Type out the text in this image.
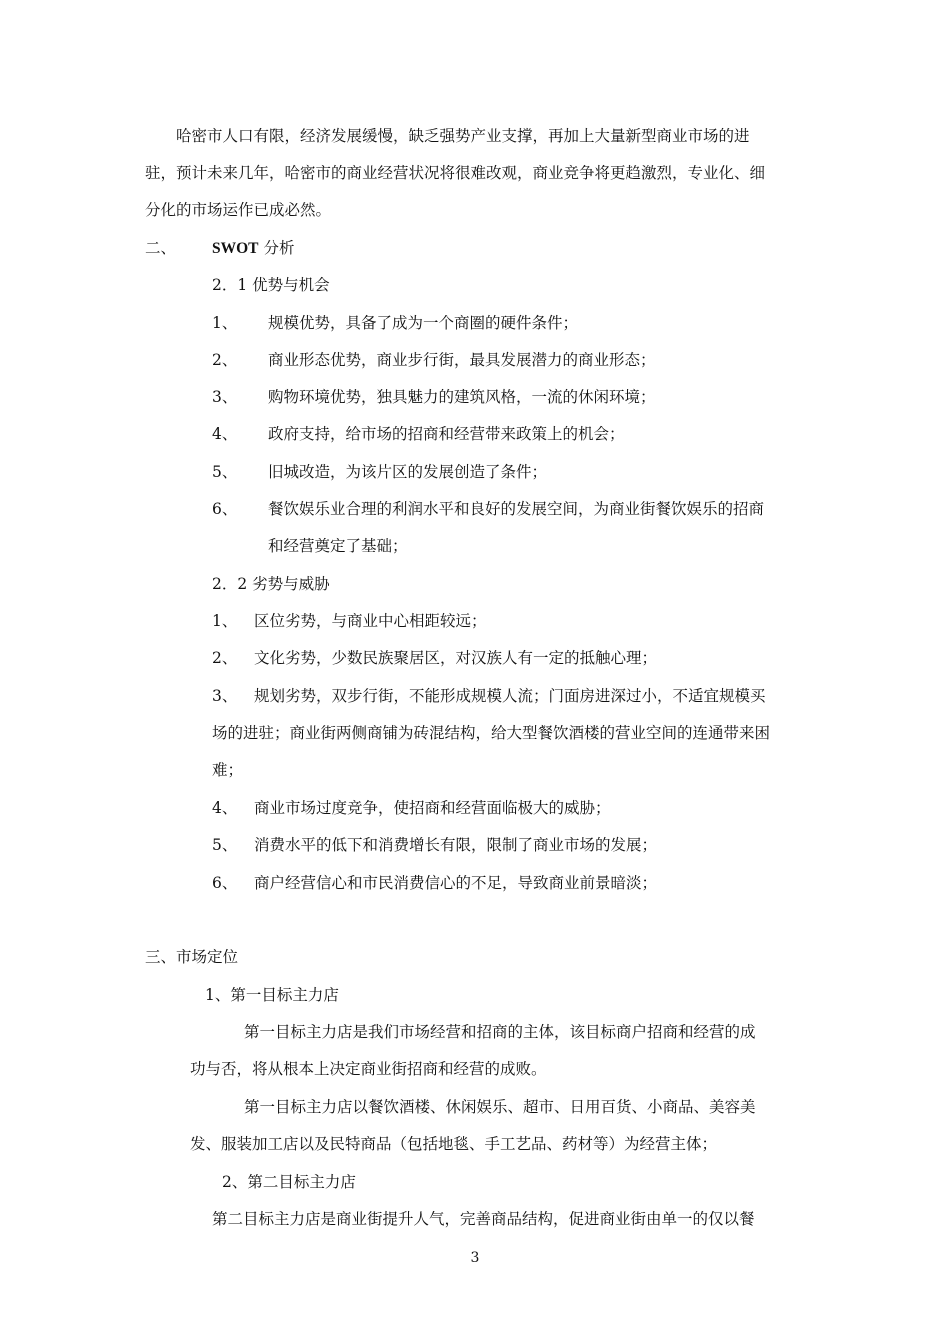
哈密市人口有限，经济发展缓慢，缺乏强势产业支撑，再加上大量新型商业市场的进
驻，预计未来几年，哈密市的商业经营状况将很难改观，商业竞争将更趋激烈，专业化、细
分化的市场运作已成必然。
二、 SWOT 分析
2．1 优势与机会
1、 规模优势，具备了成为一个商圈的硬件条件；
2、 商业形态优势，商业步行街，最具发展潜力的商业形态；
3、 购物环境优势，独具魅力的建筑风格，一流的休闲环境；
4、 政府支持，给市场的招商和经营带来政策上的机会；
5、 旧城改造，为该片区的发展创造了条件；
6、 餐饮娱乐业合理的利润水平和良好的发展空间，为商业街餐饮娱乐的招商
和经营奠定了基础；
2．2 劣势与威胁
1、 区位劣势，与商业中心相距较远；
2、 文化劣势，少数民族聚居区，对汉族人有一定的抵触心理；
3、 规划劣势，双步行街，不能形成规模人流；门面房进深过小，不适宜规模买
场的进驻；商业街两侧商铺为砖混结构，给大型餐饮酒楼的营业空间的连通带来困
难；
4、 商业市场过度竞争，使招商和经营面临极大的威胁；
5、 消费水平的低下和消费增长有限，限制了商业市场的发展；
6、 商户经营信心和市民消费信心的不足，导致商业前景暗淡；
三、市场定位
1、第一目标主力店
第一目标主力店是我们市场经营和招商的主体，该目标商户招商和经营的成
功与否，将从根本上决定商业街招商和经营的成败。
第一目标主力店以餐饮酒楼、休闲娱乐、超市、日用百货、小商品、美容美
发、服装加工店以及民特商品（包括地毯、手工艺品、药材等）为经营主体；
2、第二目标主力店
第二目标主力店是商业街提升人气，完善商品结构，促进商业街由单一的仅以餐
3
